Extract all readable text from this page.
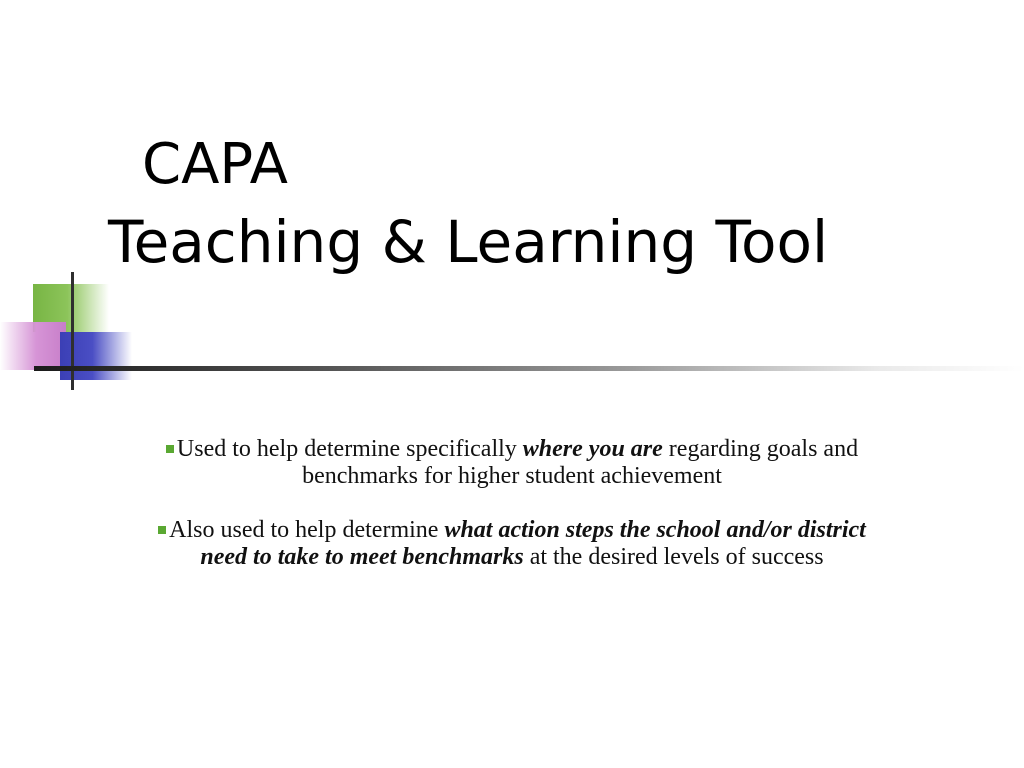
CAPA
Teaching & Learning Tool

Used to help determine specifically where you are regarding goals and benchmarks for higher student achievement

Also used to help determine what action steps the school and/or district need to take to meet benchmarks at the desired levels of success
